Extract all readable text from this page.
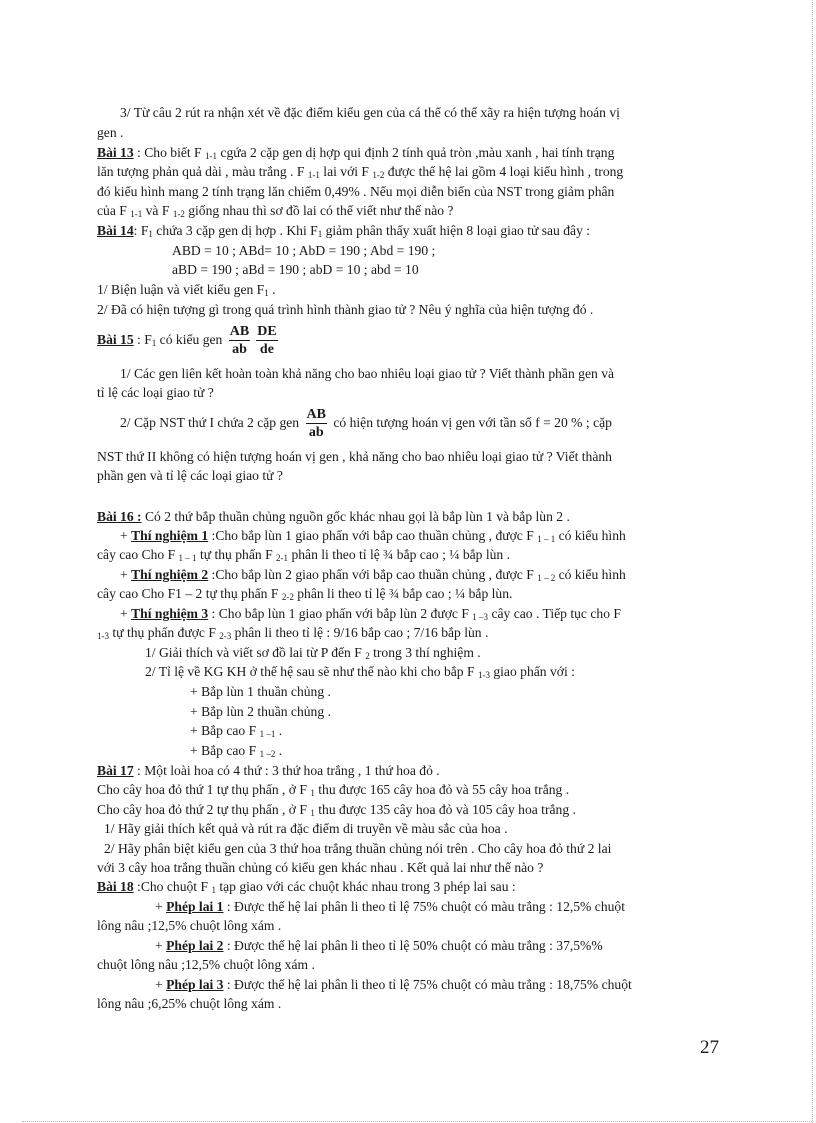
3/ Từ câu 2 rút ra nhận xét về đặc điểm kiểu gen của cá thể có thể xãy ra hiện tượng hoán vị
gen .
Bài 13 : Cho biết F $_{1-1}$ cgứa 2 cặp gen dị hợp qui định 2 tính quả tròn ,màu xanh , hai tính trạng
lăn tượng phản quả dài , màu trắng . F $_{1-1}$ lai với F $_{1-2}$ được thế hệ lai gồm 4 loại kiểu hình , trong
đó kiểu hình mang 2 tính trạng lăn chiếm 0,49% . Nếu mọi diễn biến của NST trong giảm phân
của F $_{1-1}$ và F $_{1-2}$ giống nhau thì sơ đồ lai có thể viết như thế nào ?
Bài 14: $F_1$ chứa 3 cặp gen dị hợp . Khi $F_1$ giảm phân thấy xuất hiện 8 loại giao tử sau đây :
ABD = 10 ; ABd= 10 ; AbD = 190 ; Abd = 190 ;
aBD = 190 ; aBd = 190 ; abD = 10 ; abd = 10
1/ Biện luận và viết kiểu gen $F_1$ .
2/ Đã có hiện tượng gì trong quá trình hình thành giao tử ? Nêu ý nghĩa của hiện tượng đó .
Bài 15 : $F_1$ có kiểu gen $\frac{AB}{ab} \frac{DE}{de}$
1/ Các gen liên kết hoàn toàn khả năng cho bao nhiêu loại giao tử ? Viết thành phần gen và
tỉ lệ các loại giao tử ?
2/ Cặp NST thứ I chứa 2 cặp gen $\frac{AB}{ab}$ có hiện tượng hoán vị gen với tần số f = 20 % ; cặp
NST thứ II không có hiện tượng hoán vị gen , khả năng cho bao nhiêu loại giao tử ? Viết thành
phần gen và tỉ lệ các loại giao tử ?
Bài 16 : Có 2 thứ bắp thuần chủng nguồn gốc khác nhau gọi là bắp lùn 1 và bắp lùn 2 .
+ Thí nghiệm 1 :Cho bắp lùn 1 giao phấn với bắp cao thuần chủng , được F $_{1 - 1}$ có kiểu hình
cây cao Cho F $_{1 - 1}$ tự thụ phấn F $_{2-1}$ phân li theo tỉ lệ ¾ bắp cao ; ¼ bắp lùn .
+ Thí nghiệm 2 :Cho bắp lùn 2 giao phấn với bắp cao thuần chủng , được F $_{1 - 2}$ có kiểu hình
cây cao Cho F1 – 2 tự thụ phấn F $_{2-2}$ phân li theo tỉ lệ ¾ bắp cao ; ¼ bắp lùn.
+ Thí nghiệm 3 : Cho bắp lùn 1 giao phấn với bắp lùn 2 được F $_{1 -3}$ cây cao . Tiếp tục cho F
$_{1-3}$ tự thụ phấn được F $_{2-3}$ phân li theo tỉ lệ : 9/16 bắp cao ; 7/16 bắp lùn .
1/ Giải thích và viết sơ đồ lai từ P đến F $_2$ trong 3 thí nghiệm .
2/ Tỉ lệ về KG KH ở thế hệ sau sẽ như thế nào khi cho bắp F $_{1-3}$ giao phấn với :
+ Bắp lùn 1 thuần chủng .
+ Bắp lùn 2 thuần chủng .
+ Bắp cao F $_{1 -1}$ .
+ Bắp cao F $_{1 -2}$ .
Bài 17 : Một loài hoa có 4 thứ : 3 thứ hoa trắng , 1 thứ hoa đỏ .
Cho cây hoa đỏ thứ 1 tự thụ phấn , ở F $_1$ thu được 165 cây hoa đỏ và 55 cây hoa trắng .
Cho cây hoa đỏ thứ 2 tự thụ phấn , ở F $_1$ thu được 135 cây hoa đỏ và 105 cây hoa trắng .
1/ Hãy giải thích kết quả và rút ra đặc điểm di truyền về màu sắc của hoa .
2/ Hãy phân biệt kiểu gen của 3 thứ hoa trắng thuần chủng nói trên . Cho cây hoa đỏ thứ 2 lai
với 3 cây hoa trắng thuần chủng có kiểu gen khác nhau . Kết quả lai như thế nào ?
Bài 18 :Cho chuột F $_1$ tạp giao với các chuột khác nhau trong 3 phép lai sau :
+ Phép lai 1 : Được thế hệ lai phân li theo tỉ lệ 75% chuột có màu trắng : 12,5% chuột
lông nâu ;12,5% chuột lông xám .
+ Phép lai 2 : Được thế hệ lai phân li theo tỉ lệ 50% chuột có màu trắng : 37,5%%
chuột lông nâu ;12,5% chuột lông xám .
+ Phép lai 3 : Được thế hệ lai phân li theo tỉ lệ 75% chuột có màu trắng : 18,75% chuột
lông nâu ;6,25% chuột lông xám .
27
